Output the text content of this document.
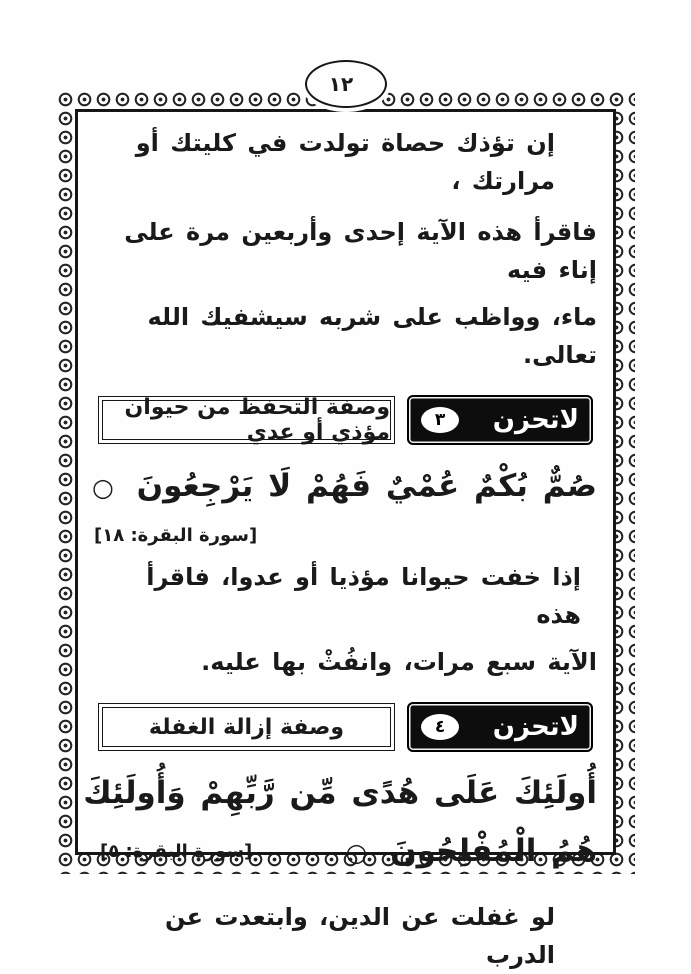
١٢
إن تؤذك حصاة تولدت في كليتك أو مرارتك ،
فاقرأ هذه الآية إحدى وأربعين مرة على إناء فيه
ماء، وواظب على شربه سيشفيك الله تعالى.
لاتحزن
٣
وصفة التحفظ من حيوان مؤذي أو عدي
صُمٌّ بُكْمٌ عُمْيٌ فَهُمْ لَا يَرْجِعُونَ ○
[سورة البقرة: ١٨]
إذا خفت حيوانا مؤذيا أو عدوا، فاقرأ هذه
الآية سبع مرات، وانفُثْ بها عليه.
لاتحزن
٤
وصفة إزالة الغفلة
أُولَئِكَ عَلَى هُدًى مِّن رَّبِّهِمْ وَأُولَئِكَ
هُمُ الْمُفْلِحُونَ ○
[سورة البقرة: ٥]
لو غفلت عن الدين، وابتعدت عن الدرب
